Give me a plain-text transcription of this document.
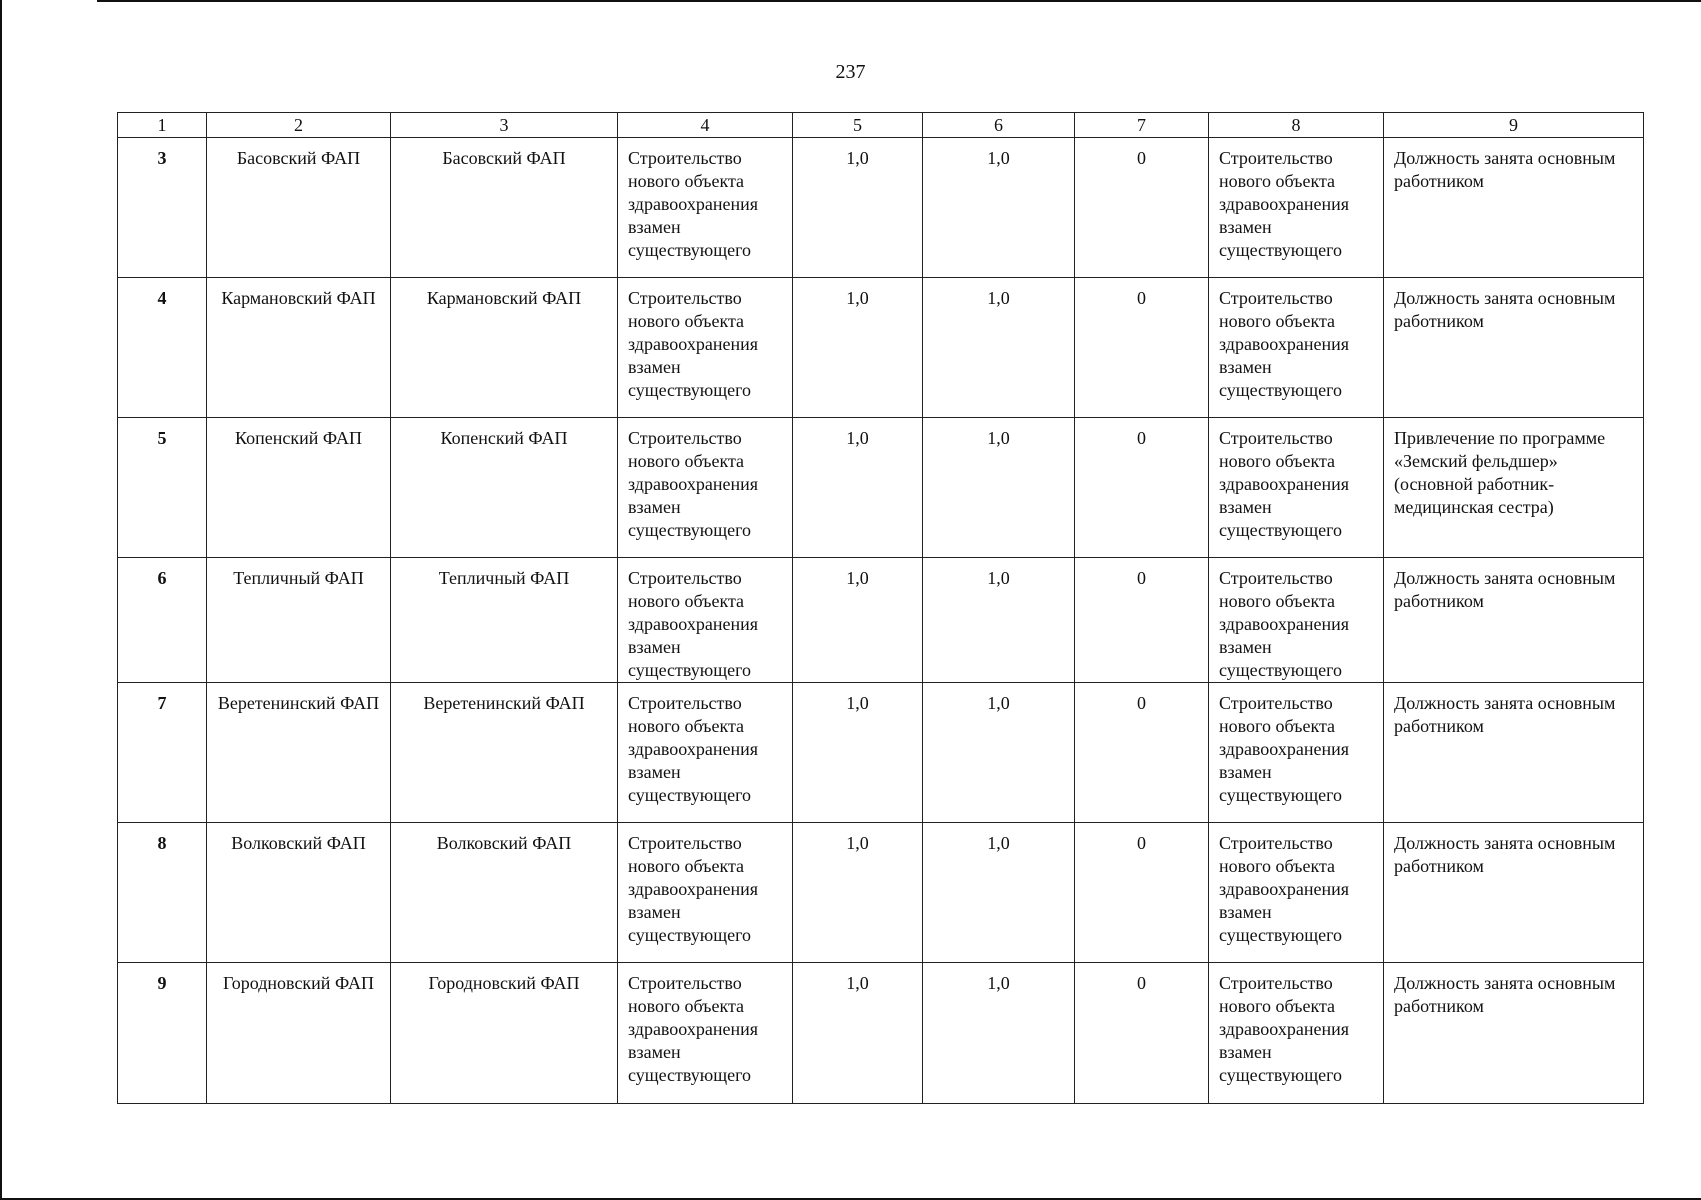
237
1	2	3	4	5	6	7	8	9
3	Басовский ФАП	Басовский ФАП	Строительство нового объекта здравоохранения взамен существующего	1,0	1,0	0	Строительство нового объекта здравоохранения взамен существующего	Должность занята основным работником
4	Кармановский ФАП	Кармановский ФАП	Строительство нового объекта здравоохранения взамен существующего	1,0	1,0	0	Строительство нового объекта здравоохранения взамен существующего	Должность занята основным работником
5	Копенский ФАП	Копенский ФАП	Строительство нового объекта здравоохранения взамен существующего	1,0	1,0	0	Строительство нового объекта здравоохранения взамен существующего	Привлечение по программе «Земский фельдшер» (основной работник- медицинская сестра)
6	Тепличный ФАП	Тепличный ФАП	Строительство нового объекта здравоохранения взамен существующего	1,0	1,0	0	Строительство нового объекта здравоохранения взамен существующего	Должность занята основным работником
7	Веретенинский ФАП	Веретенинский ФАП	Строительство нового объекта здравоохранения взамен существующего	1,0	1,0	0	Строительство нового объекта здравоохранения взамен существующего	Должность занята основным работником
8	Волковский ФАП	Волковский ФАП	Строительство нового объекта здравоохранения взамен существующего	1,0	1,0	0	Строительство нового объекта здравоохранения взамен существующего	Должность занята основным работником
9	Городновский ФАП	Городновский ФАП	Строительство нового объекта здравоохранения взамен существующего	1,0	1,0	0	Строительство нового объекта здравоохранения взамен существующего	Должность занята основным работником
